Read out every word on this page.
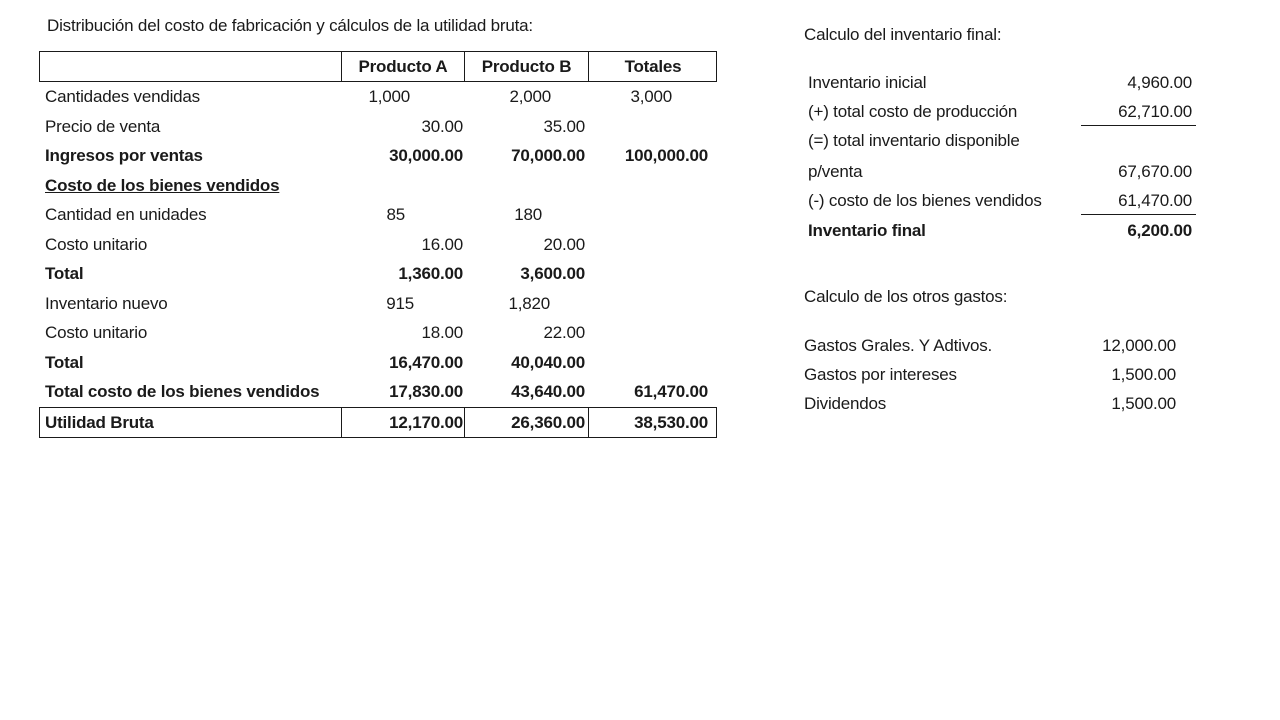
Distribución del costo de fabricación y cálculos de la utilidad bruta:
Producto A	Producto B	Totales
Cantidades vendidas	1,000	2,000	3,000
Precio de venta	30.00	35.00
Ingresos por ventas	30,000.00	70,000.00	100,000.00
Costo de los bienes vendidos
Cantidad en unidades	85	180
Costo unitario	16.00	20.00
Total	1,360.00	3,600.00
Inventario nuevo	915	1,820
Costo unitario	18.00	22.00
Total	16,470.00	40,040.00
Total costo de los bienes vendidos	17,830.00	43,640.00	61,470.00
Utilidad Bruta	12,170.00	26,360.00	38,530.00
Calculo del inventario final:
Inventario inicial	4,960.00
(+) total costo de producción	62,710.00
(=) total inventario disponible
p/venta	67,670.00
(-) costo de los bienes vendidos	61,470.00
Inventario final	6,200.00
Calculo de los otros gastos:
Gastos Grales. Y Adtivos.	12,000.00
Gastos por intereses	1,500.00
Dividendos	1,500.00
